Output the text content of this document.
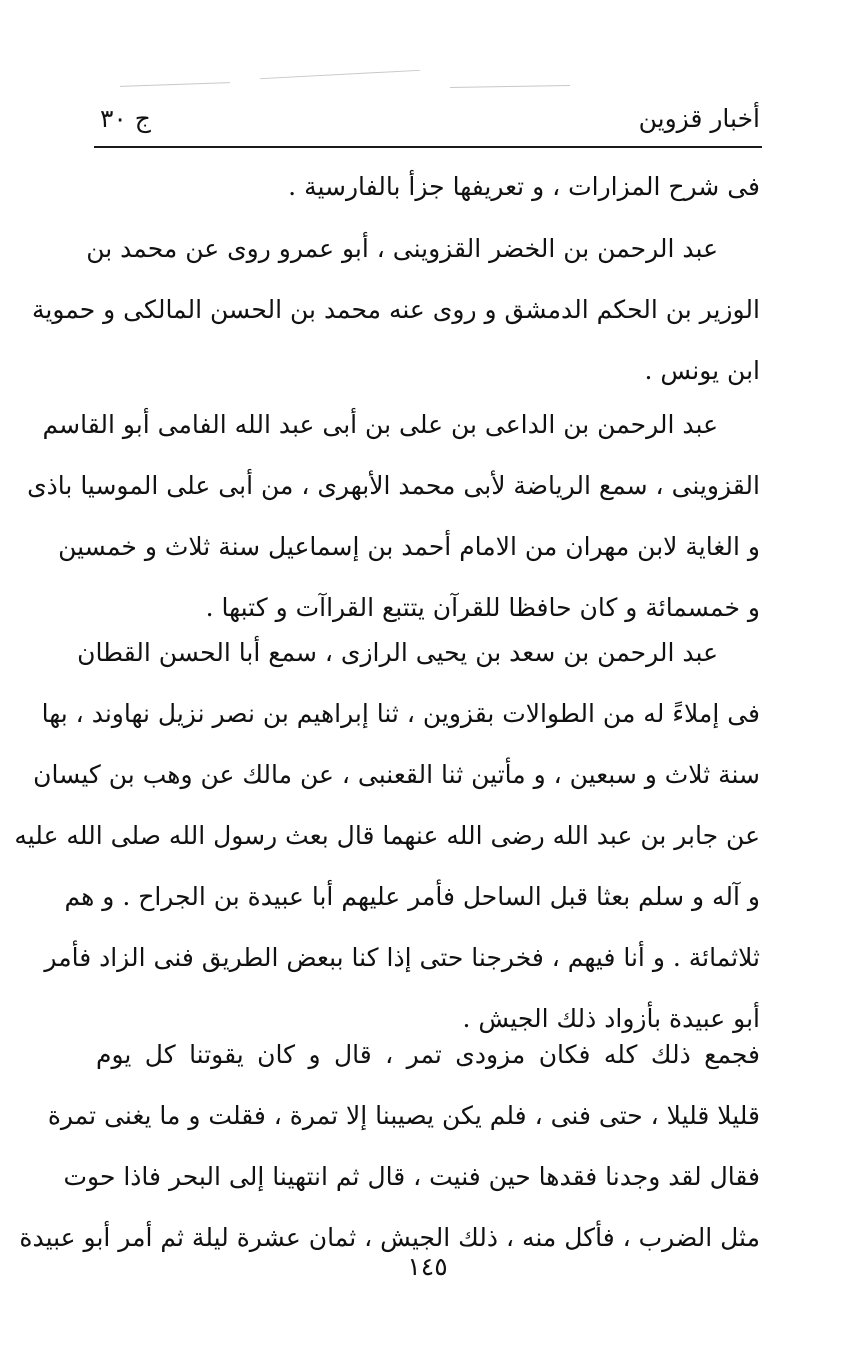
أخبار قزوين
ج ٣٠
فى شرح المزارات ، و تعريفها جزأ بالفارسية .
عبد الرحمن بن الخضر القزوينى ، أبو عمرو روى عن محمد بن
الوزير بن الحكم الدمشق و روى عنه محمد بن الحسن المالكى و حموية
ابن يونس .
عبد الرحمن بن الداعى بن على بن أبى عبد الله الفامى أبو القاسم
القزوينى ، سمع الرياضة لأبى محمد الأبهرى ، من أبى على الموسيا باذى
و الغاية لابن مهران من الامام أحمد بن إسماعيل سنة ثلاث و خمسين
و خمسمائة و كان حافظا للقرآن يتتبع القراآت و كتبها .
عبد الرحمن بن سعد بن يحيى الرازى ، سمع أبا الحسن القطان
فى إملاءً له من الطوالات بقزوين ، ثنا إبراهيم بن نصر نزيل نهاوند ، بها
سنة ثلاث و سبعين ، و مأتين ثنا القعنبى ، عن مالك عن وهب بن كيسان
عن جابر بن عبد الله رضى الله عنهما قال بعث رسول الله صلى الله عليه
و آله و سلم بعثا قبل الساحل فأمر عليهم أبا عبيدة بن الجراح . و هم
ثلاثمائة . و أنا فيهم ، فخرجنا حتى إذا كنا ببعض الطريق فنى الزاد فأمر
أبو عبيدة بأزواد ذلك الجيش .
فجمع ذلك كله فكان مزودى تمر ، قال و كان يقوتنا كل يوم
قليلا قليلا ، حتى فنى ، فلم يكن يصيبنا إلا تمرة ، فقلت و ما يغنى تمرة
فقال لقد وجدنا فقدها حين فنيت ، قال ثم انتهينا إلى البحر فاذا حوت
مثل الضرب ، فأكل منه ، ذلك الجيش ، ثمان عشرة ليلة ثم أمر أبو عبيدة
١٤٥
